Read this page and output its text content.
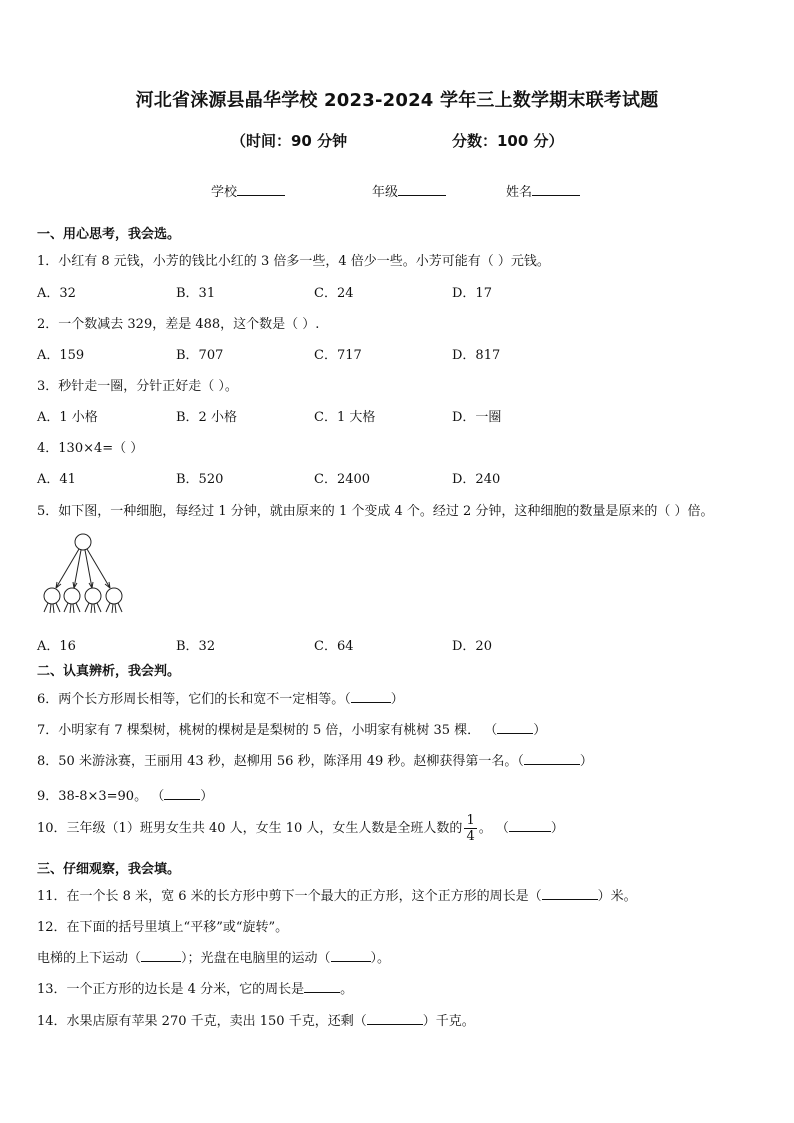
河北省涞源县晶华学校 2023-2024 学年三上数学期末联考试题
（时间：90 分钟	分数：100 分）
学校	年级	姓名
一、用心思考，我会选。
1．小红有 8 元钱，小芳的钱比小红的 3 倍多一些，4 倍少一些。小芳可能有（ ）元钱。
A．32	B．31	C．24	D．17
2．一个数减去 329，差是 488，这个数是（ ）.
A．159	B．707	C．717	D．817
3．秒针走一圈，分针正好走（ ）。
A．1 小格	B．2 小格	C．1 大格	D．一圈
4．130×4=（ ）
A．41	B．520	C．2400	D．240
5．如下图，一种细胞，每经过 1 分钟，就由原来的 1 个变成 4 个。经过 2 分钟，这种细胞的数量是原来的（ ）倍。
A．16	B．32	C．64	D．20
二、认真辨析，我会判。
6．两个长方形周长相等，它们的长和宽不一定相等。（	）
7．小明家有 7 棵梨树，桃树的棵树是是梨树的 5 倍，小明家有桃树 35 棵． （	）
8．50 米游泳赛，王丽用 43 秒，赵柳用 56 秒，陈泽用 49 秒。赵柳获得第一名。（	）
9．38-8×3=90。 （	）
10．三年级（1）班男女生共 40 人，女生 10 人，女生人数是全班人数的 $\frac{1}{4}$ 。 （	）
三、仔细观察，我会填。
11．在一个长 8 米，宽 6 米的长方形中剪下一个最大的正方形，这个正方形的周长是（	）米。
12．在下面的括号里填上“平移”或“旋转”。
电梯的上下运动（	）；光盘在电脑里的运动（	）。
13．一个正方形的边长是 4 分米，它的周长是	。
14．水果店原有苹果 270 千克，卖出 150 千克，还剩（	）千克。
